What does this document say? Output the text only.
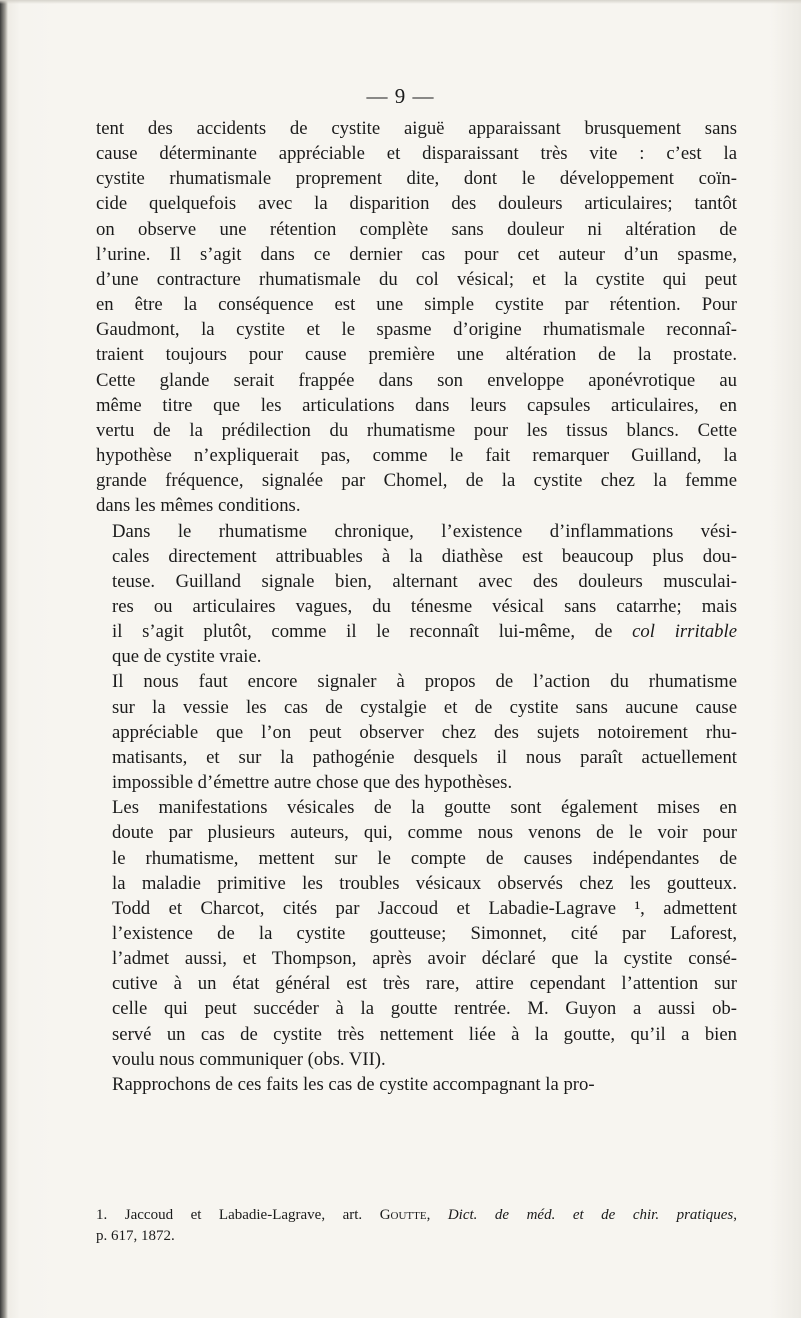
— 9 —

tent des accidents de cystite aiguë apparaissant brusquement sans
cause déterminante appréciable et disparaissant très vite : c’est la
cystite rhumatismale proprement dite, dont le développement coïn-
cide quelquefois avec la disparition des douleurs articulaires; tantôt
on observe une rétention complète sans douleur ni altération de
l’urine. Il s’agit dans ce dernier cas pour cet auteur d’un spasme,
d’une contracture rhumatismale du col vésical; et la cystite qui peut
en être la conséquence est une simple cystite par rétention. Pour
Gaudmont, la cystite et le spasme d’origine rhumatismale reconnaî-
traient toujours pour cause première une altération de la prostate.
Cette glande serait frappée dans son enveloppe aponévrotique au
même titre que les articulations dans leurs capsules articulaires, en
vertu de la prédilection du rhumatisme pour les tissus blancs. Cette
hypothèse n’expliquerait pas, comme le fait remarquer Guilland, la
grande fréquence, signalée par Chomel, de la cystite chez la femme
dans les mêmes conditions.

Dans le rhumatisme chronique, l’existence d’inflammations vési-
cales directement attribuables à la diathèse est beaucoup plus dou-
teuse. Guilland signale bien, alternant avec des douleurs musculai-
res ou articulaires vagues, du ténesme vésical sans catarrhe; mais
il s’agit plutôt, comme il le reconnaît lui-même, de col irritable
que de cystite vraie.

Il nous faut encore signaler à propos de l’action du rhumatisme
sur la vessie les cas de cystalgie et de cystite sans aucune cause
appréciable que l’on peut observer chez des sujets notoirement rhu-
matisants, et sur la pathogénie desquels il nous paraît actuellement
impossible d’émettre autre chose que des hypothèses.

Les manifestations vésicales de la goutte sont également mises en
doute par plusieurs auteurs, qui, comme nous venons de le voir pour
le rhumatisme, mettent sur le compte de causes indépendantes de
la maladie primitive les troubles vésicaux observés chez les goutteux.
Todd et Charcot, cités par Jaccoud et Labadie-Lagrave ¹, admettent
l’existence de la cystite goutteuse; Simonnet, cité par Laforest,
l’admet aussi, et Thompson, après avoir déclaré que la cystite consé-
cutive à un état général est très rare, attire cependant l’attention sur
celle qui peut succéder à la goutte rentrée. M. Guyon a aussi ob-
servé un cas de cystite très nettement liée à la goutte, qu’il a bien
voulu nous communiquer (obs. VII).

Rapprochons de ces faits les cas de cystite accompagnant la pro-

1. Jaccoud et Labadie-Lagrave, art. Goutte, Dict. de méd. et de chir. pratiques,
p. 617, 1872.
